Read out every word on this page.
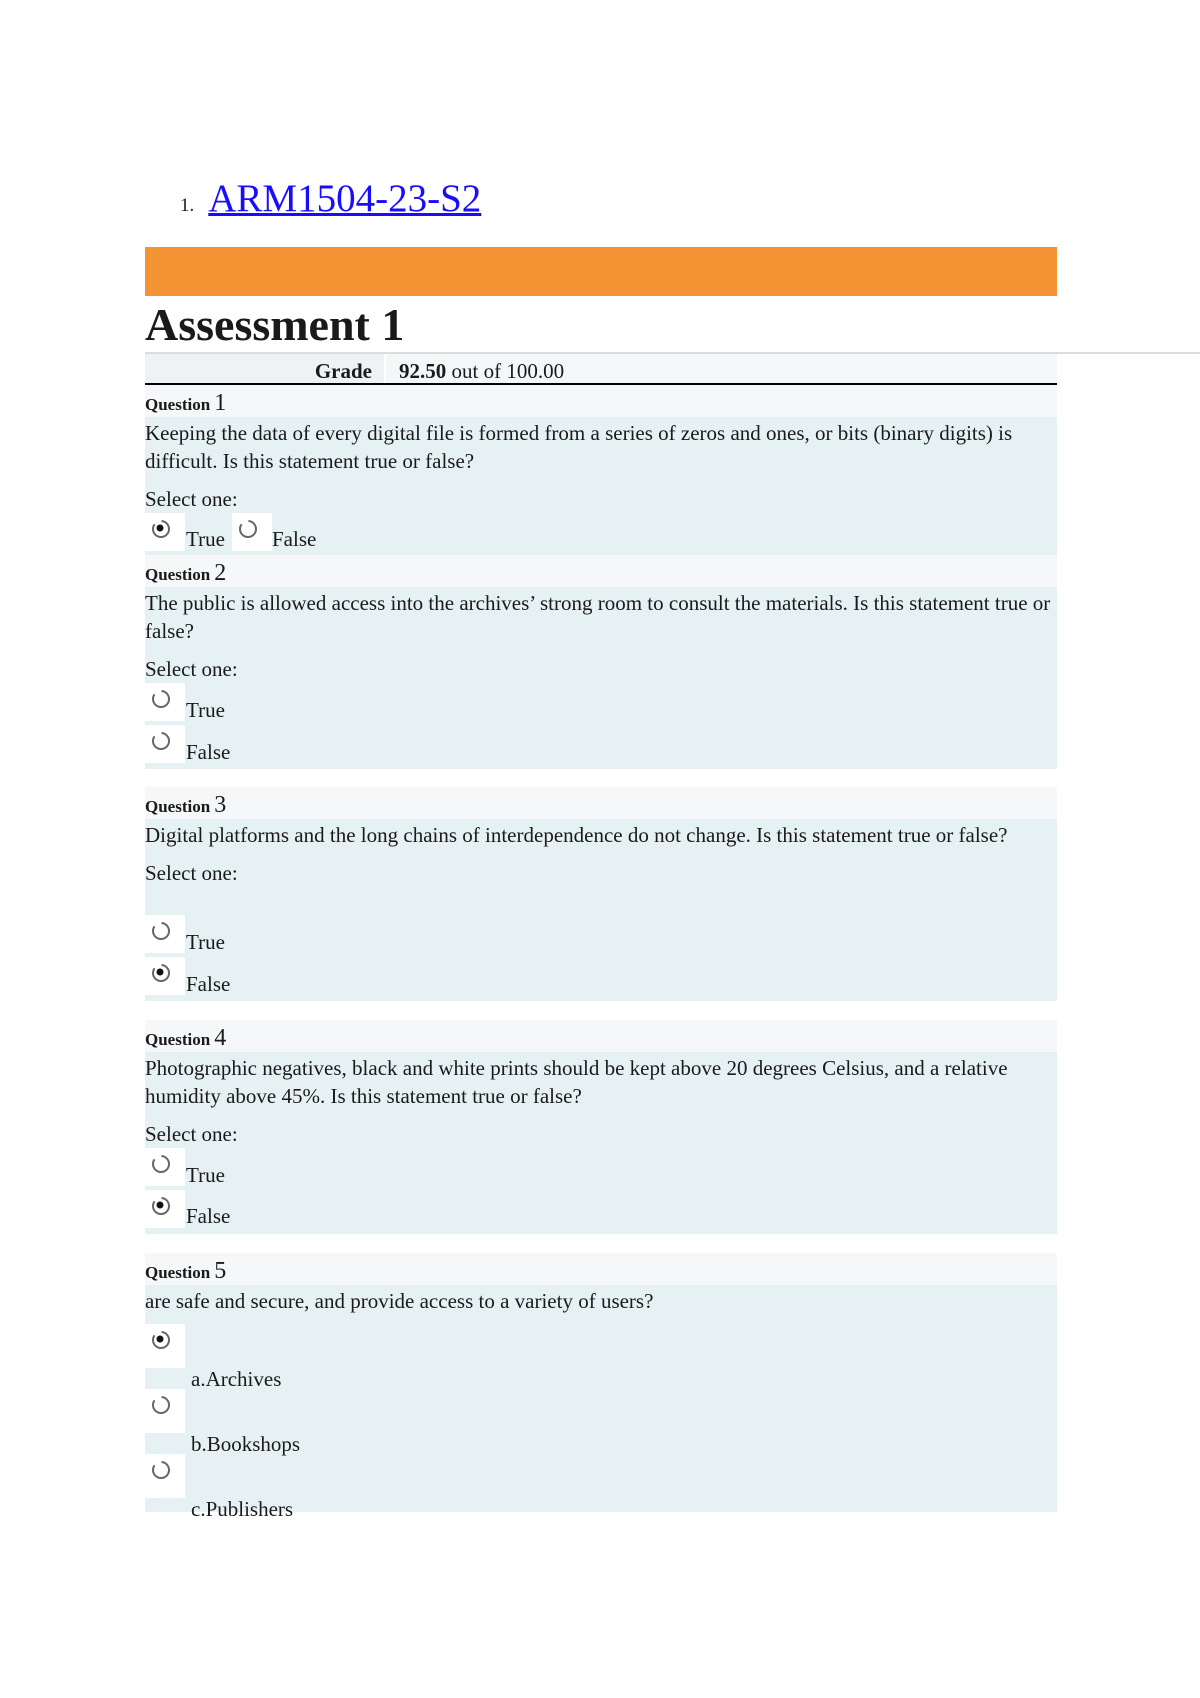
1. ARM1504-23-S2
Assessment 1
Grade	92.50 out of 100.00
Question 1

Keeping the data of every digital file is formed from a series of zeros and ones, or bits (binary digits) is difficult. Is this statement true or false?

Select one:

True False
Question 2

The public is allowed access into the archives’ strong room to consult the materials. Is this statement true or false?

Select one:

True
False
Question 3

Digital platforms and the long chains of interdependence do not change. Is this statement true or false?

Select one:

True
False
Question 4

Photographic negatives, black and white prints should be kept above 20 degrees Celsius, and a relative humidity above 45%. Is this statement true or false?

Select one:

True
False
Question 5

are safe and secure, and provide access to a variety of users?

a.Archives
b.Bookshops
c.Publishers
